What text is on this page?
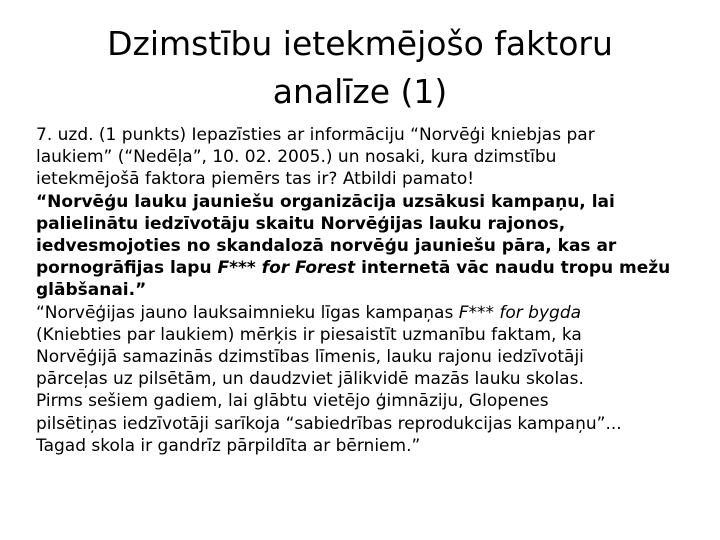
Dzimstību ietekmējošo faktoru
analīze (1)

7. uzd. (1 punkts) Iepazīsties ar informāciju “Norvēģi kniebjas par
laukiem” (“Nedēļa”, 10. 02. 2005.) un nosaki, kura dzimstību
ietekmējošā faktora piemērs tas ir? Atbildi pamato!

“Norvēģu lauku jauniešu organizācija uzsākusi kampaņu, lai
palielinātu iedzīvotāju skaitu Norvēģijas lauku rajonos,
iedvesmojoties no skandalozā norvēģu jauniešu pāra, kas ar
pornogrāfijas lapu F*** for Forest internetā vāc naudu tropu mežu
glābšanai.”

“Norvēģijas jauno lauksaimnieku līgas kampaņas F*** for bygda
(Kniebties par laukiem) mērķis ir piesaistīt uzmanību faktam, ka
Norvēģijā samazinās dzimstības līmenis, lauku rajonu iedzīvotāji
pārceļas uz pilsētām, un daudzviet jālikvidē mazās lauku skolas.
Pirms sešiem gadiem, lai glābtu vietējo ģimnāziju, Glopenes
pilsētiņas iedzīvotāji sarīkoja “sabiedrības reprodukcijas kampaņu”...
Tagad skola ir gandrīz pārpildīta ar bērniem.”
